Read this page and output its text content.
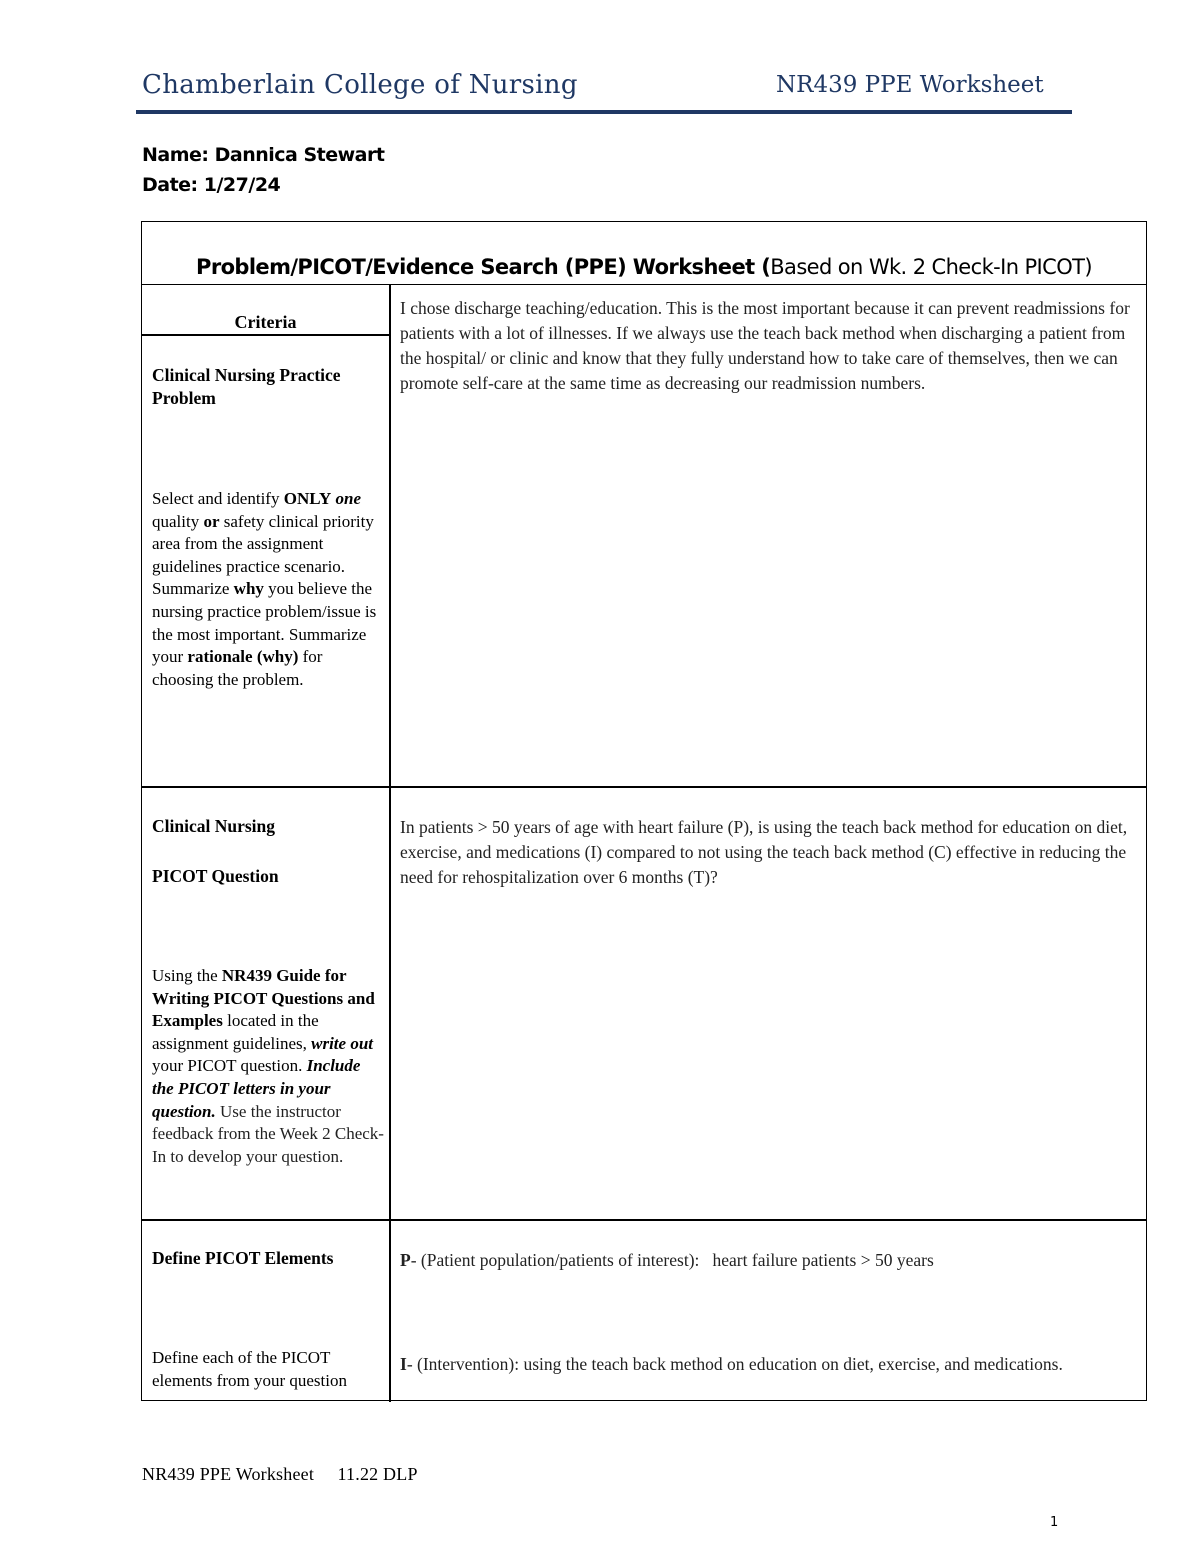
Chamberlain College of Nursing	NR439 PPE Worksheet
Name: Dannica Stewart
Date: 1/27/24
Problem/PICOT/Evidence Search (PPE) Worksheet (Based on Wk. 2 Check-In PICOT)
Criteria
Clinical Nursing Practice Problem
Select and identify ONLY one quality or safety clinical priority area from the assignment guidelines practice scenario. Summarize why you believe the nursing practice problem/issue is the most important. Summarize your rationale (why) for choosing the problem.
I chose discharge teaching/education. This is the most important because it can prevent readmissions for patients with a lot of illnesses. If we always use the teach back method when discharging a patient from the hospital/ or clinic and know that they fully understand how to take care of themselves, then we can promote self-care at the same time as decreasing our readmission numbers.
Clinical Nursing
PICOT Question
Using the NR439 Guide for Writing PICOT Questions and Examples located in the assignment guidelines, write out your PICOT question. Include the PICOT letters in your question. Use the instructor feedback from the Week 2 Check-In to develop your question.
In patients > 50 years of age with heart failure (P), is using the teach back method for education on diet, exercise, and medications (I) compared to not using the teach back method (C) effective in reducing the need for rehospitalization over 6 months (T)?
Define PICOT Elements
Define each of the PICOT elements from your question
P- (Patient population/patients of interest):   heart failure patients > 50 years
I- (Intervention): using the teach back method on education on diet, exercise, and medications.
NR439 PPE Worksheet     11.22 DLP
1
